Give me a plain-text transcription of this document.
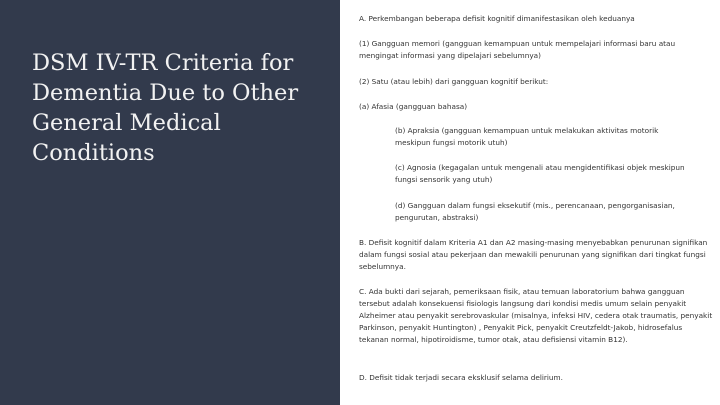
DSM IV-TR Criteria for Dementia Due to Other General Medical Conditions

A. Perkembangan beberapa defisit kognitif dimanifestasikan oleh keduanya

(1) Gangguan memori (gangguan kemampuan untuk mempelajari informasi baru atau mengingat informasi yang dipelajari sebelumnya)

(2) Satu (atau lebih) dari gangguan kognitif berikut:

(a) Afasia (gangguan bahasa)

(b) Apraksia (gangguan kemampuan untuk melakukan aktivitas motorik meskipun fungsi motorik utuh)

(c) Agnosia (kegagalan untuk mengenali atau mengidentifikasi objek meskipun fungsi sensorik yang utuh)

(d) Gangguan dalam fungsi eksekutif (mis., perencanaan, pengorganisasian, pengurutan, abstraksi)

B. Defisit kognitif dalam Kriteria A1 dan A2 masing-masing menyebabkan penurunan signifikan dalam fungsi sosial atau pekerjaan dan mewakili penurunan yang signifikan dari tingkat fungsi sebelumnya.

C. Ada bukti dari sejarah, pemeriksaan fisik, atau temuan laboratorium bahwa gangguan tersebut adalah konsekuensi fisiologis langsung dari kondisi medis umum selain penyakit Alzheimer atau penyakit serebrovaskular (misalnya, infeksi HIV, cedera otak traumatis, penyakit Parkinson, penyakit Huntington) , Penyakit Pick, penyakit Creutzfeldt-Jakob, hidrosefalus tekanan normal, hipotiroidisme, tumor otak, atau defisiensi vitamin B12).

D. Defisit tidak terjadi secara eksklusif selama delirium.
